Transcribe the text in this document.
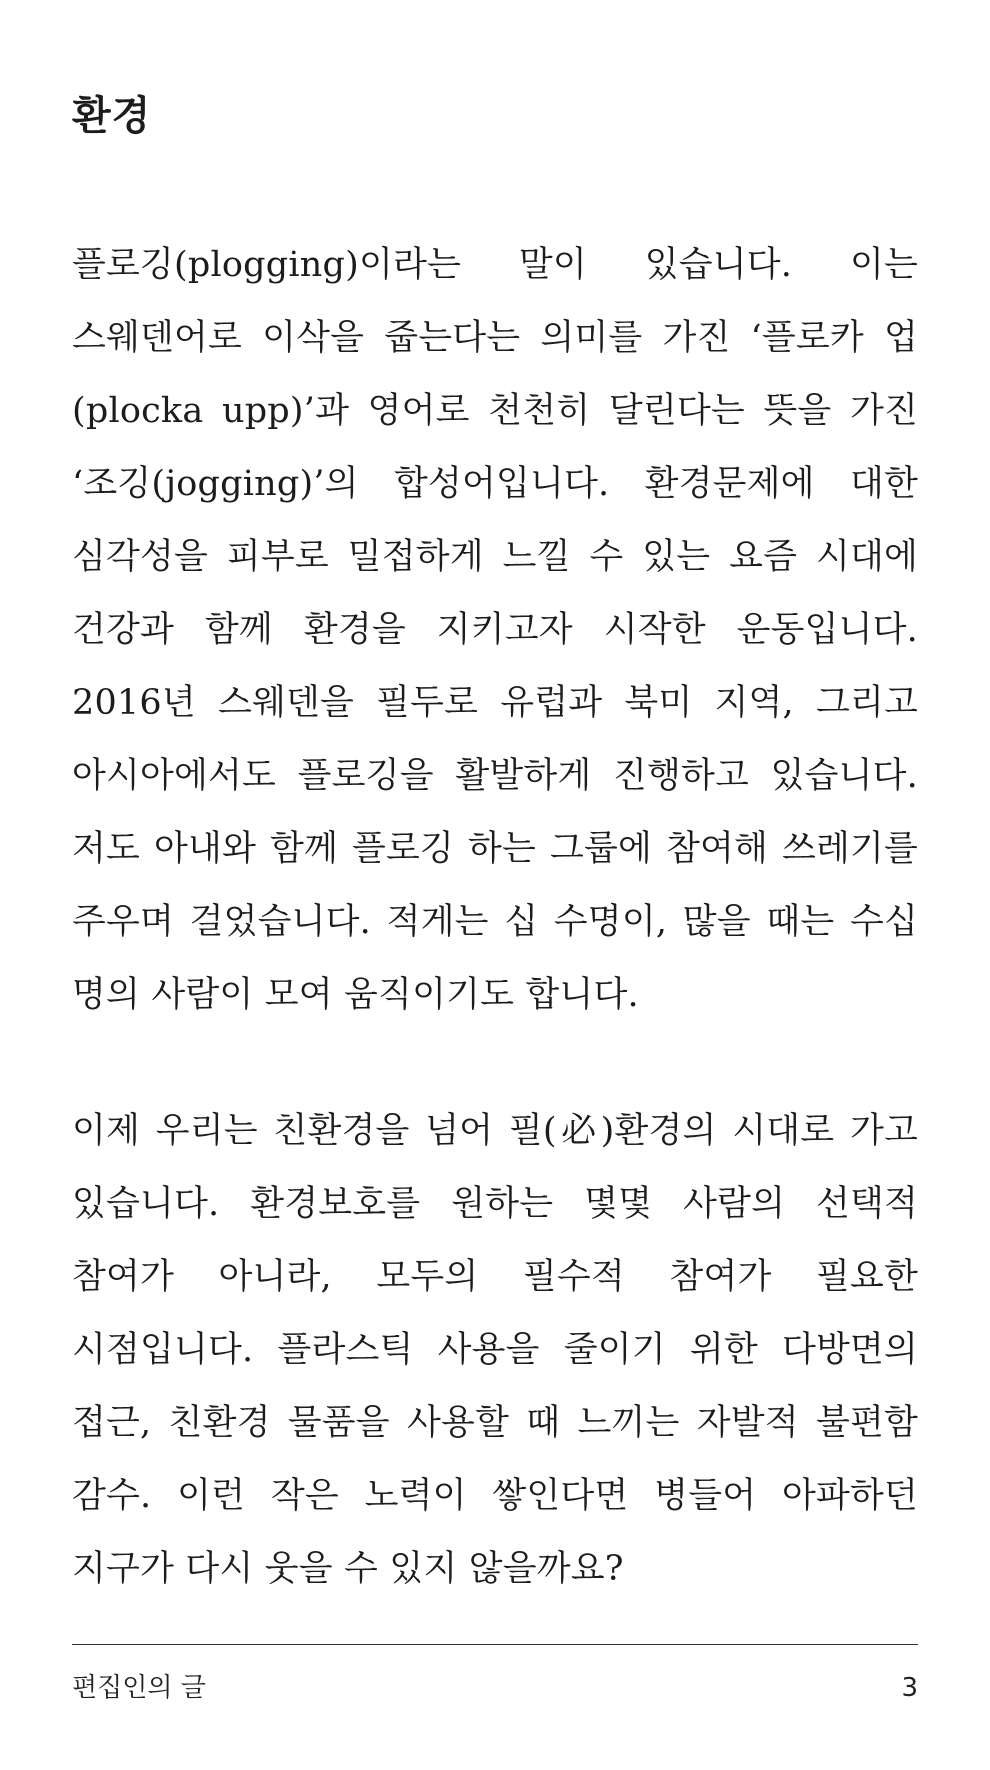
환경

플로깅(plogging)이라는 말이 있습니다. 이는 스웨덴어로 이삭을 줍는다는 의미를 가진 ‘플로카 업(plocka upp)’과 영어로 천천히 달린다는 뜻을 가진 ‘조깅(jogging)’의 합성어입니다. 환경문제에 대한 심각성을 피부로 밀접하게 느낄 수 있는 요즘 시대에 건강과 함께 환경을 지키고자 시작한 운동입니다. 2016년 스웨덴을 필두로 유럽과 북미 지역, 그리고 아시아에서도 플로깅을 활발하게 진행하고 있습니다. 저도 아내와 함께 플로깅 하는 그룹에 참여해 쓰레기를 주우며 걸었습니다. 적게는 십 수명이, 많을 때는 수십 명의 사람이 모여 움직이기도 합니다.

이제 우리는 친환경을 넘어 필(必)환경의 시대로 가고 있습니다. 환경보호를 원하는 몇몇 사람의 선택적 참여가 아니라, 모두의 필수적 참여가 필요한 시점입니다. 플라스틱 사용을 줄이기 위한 다방면의 접근, 친환경 물품을 사용할 때 느끼는 자발적 불편함 감수. 이런 작은 노력이 쌓인다면 병들어 아파하던 지구가 다시 웃을 수 있지 않을까요?

편집인의 글	3
